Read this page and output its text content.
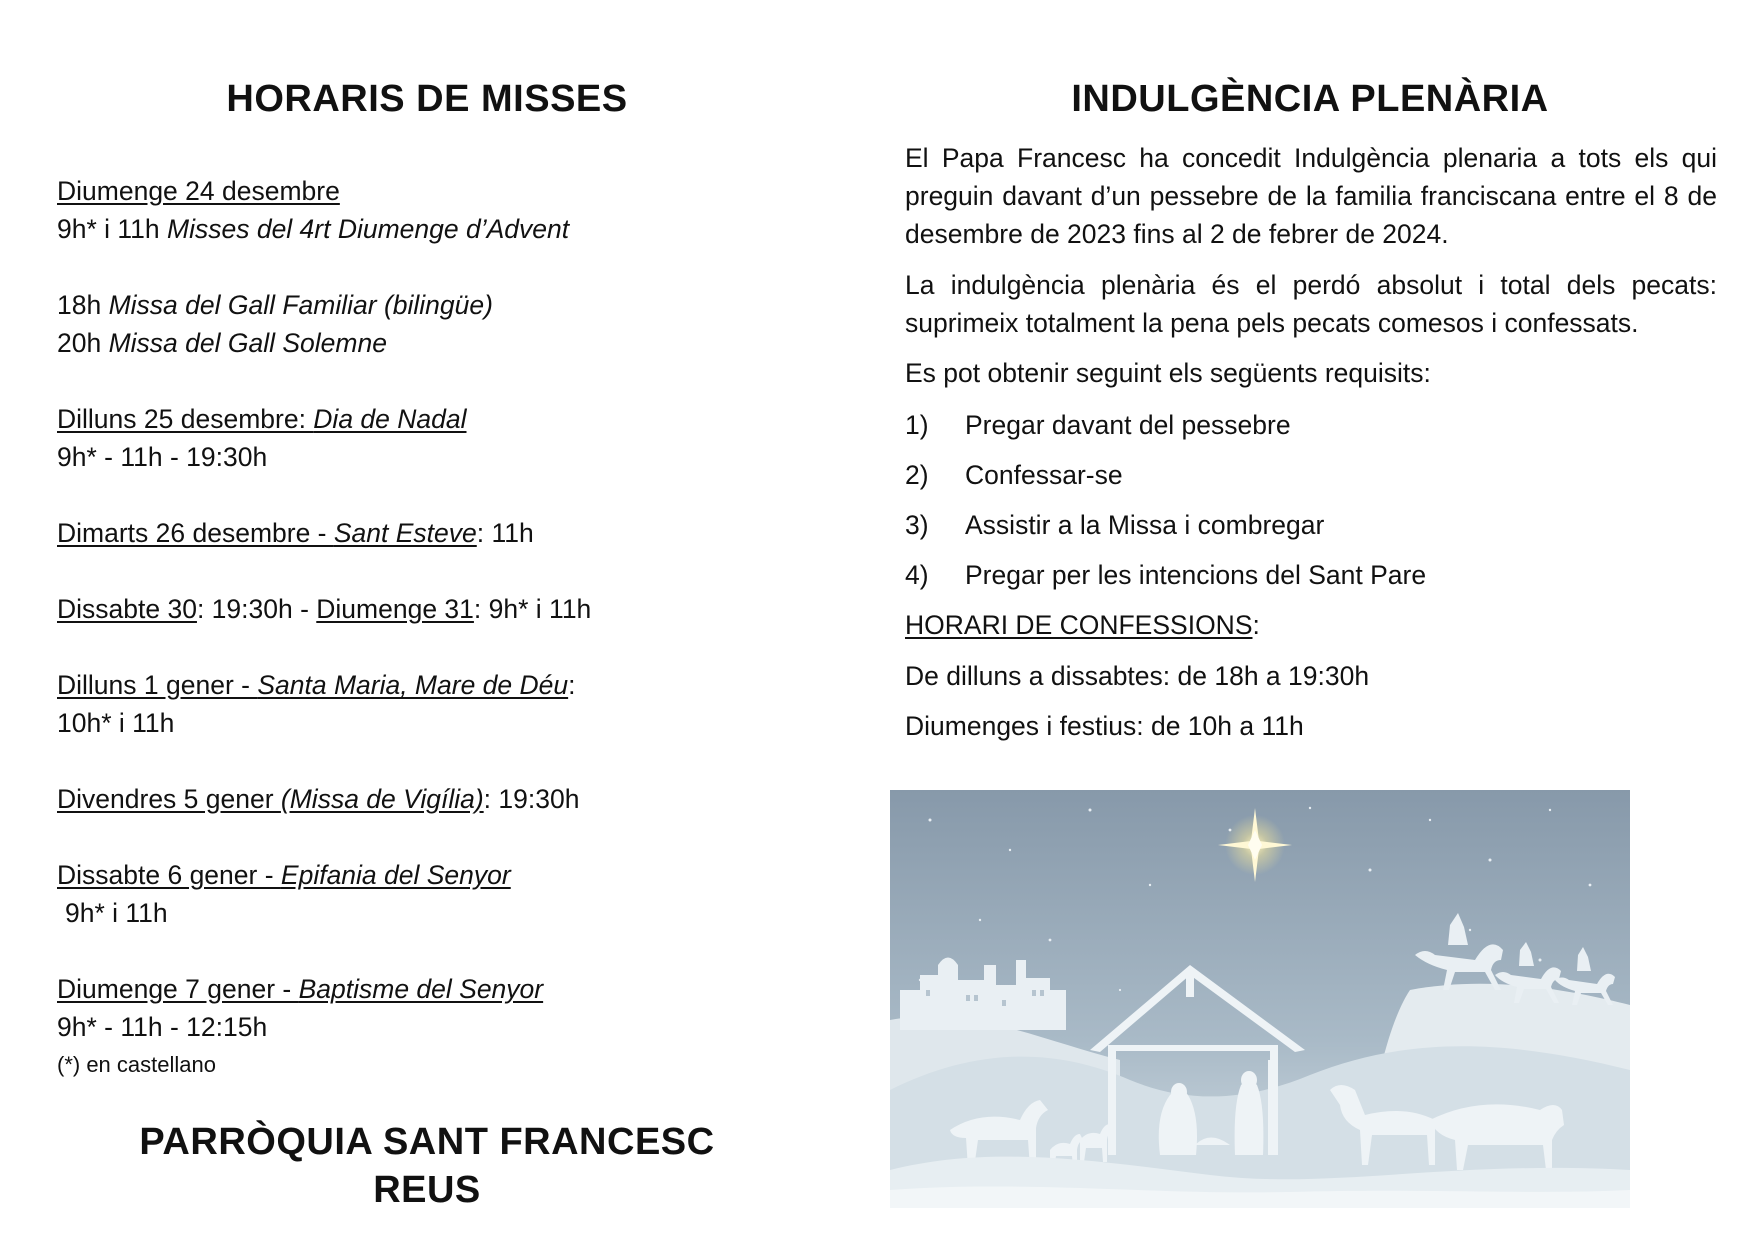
HORARIS DE MISSES
Diumenge 24 desembre
9h* i 11h Misses del 4rt Diumenge d’Advent
18h Missa del Gall Familiar (bilingüe)
20h Missa del Gall Solemne
Dilluns 25 desembre: Dia de Nadal
9h* - 11h - 19:30h
Dimarts 26 desembre - Sant Esteve: 11h
Dissabte 30: 19:30h - Diumenge 31: 9h* i 11h
Dilluns 1 gener - Santa Maria, Mare de Déu:
10h* i 11h
Divendres 5 gener (Missa de Vigília): 19:30h
Dissabte 6 gener - Epifania del Senyor
9h* i 11h
Diumenge 7 gener - Baptisme del Senyor
9h* - 11h - 12:15h
(*) en castellano
PARRÒQUIA SANT FRANCESC
REUS
INDULGÈNCIA PLENÀRIA
El Papa Francesc ha concedit Indulgència plenaria a tots els qui preguin davant d’un pessebre de la familia franciscana entre el 8 de desembre de 2023 fins al 2 de febrer de 2024.
La indulgència plenària és el perdó absolut i total dels pecats: suprimeix totalment la pena pels pecats comesos i confessats.
Es pot obtenir seguint els següents requisits:
1) Pregar davant del pessebre
2) Confessar-se
3) Assistir a la Missa i combregar
4) Pregar per les intencions del Sant Pare
HORARI DE CONFESSIONS:
De dilluns a dissabtes: de 18h a 19:30h
Diumenges i festius: de 10h a 11h
